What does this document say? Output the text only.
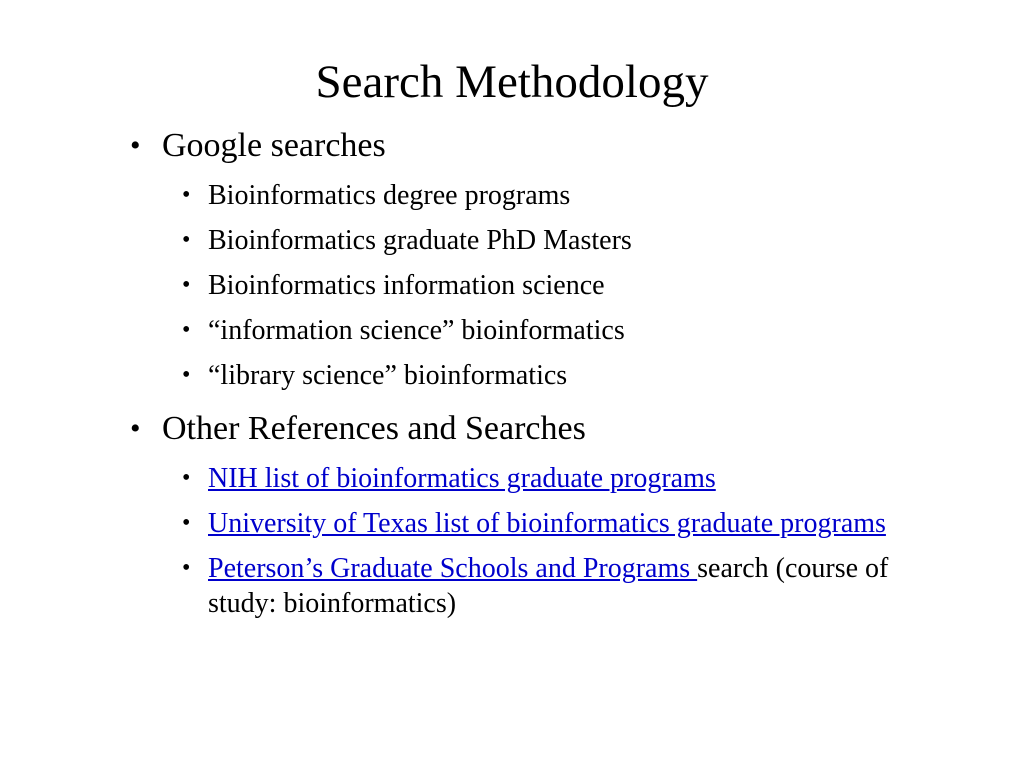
Search Methodology
• Google searches
• Bioinformatics degree programs
• Bioinformatics graduate PhD Masters
• Bioinformatics information science
• “information science” bioinformatics
• “library science” bioinformatics
• Other References and Searches
• NIH list of bioinformatics graduate programs
• University of Texas list of bioinformatics graduate programs
• Peterson’s Graduate Schools and Programs search (course of study: bioinformatics)
